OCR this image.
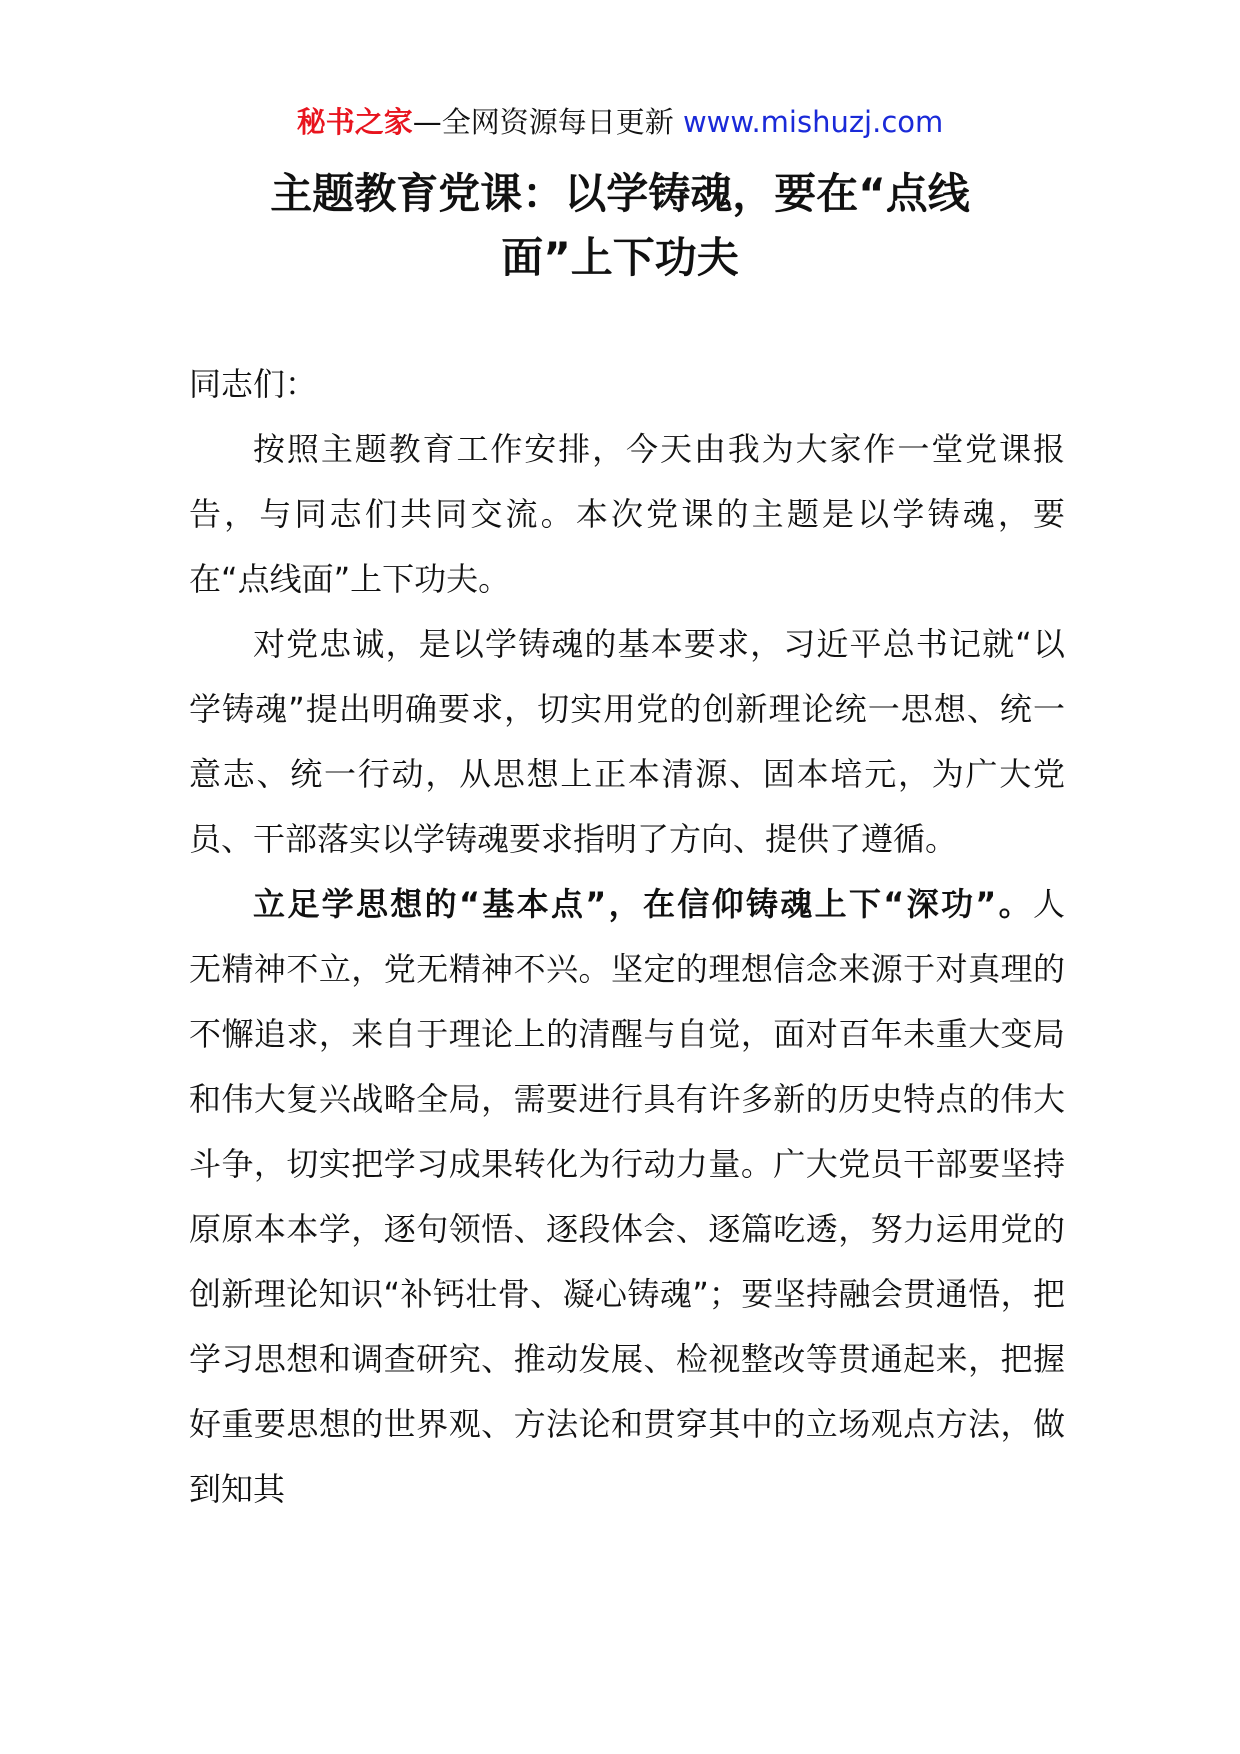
秘书之家—全网资源每日更新 www.mishuzj.com
主题教育党课：以学铸魂，要在“点线
面”上下功夫

同志们：

按照主题教育工作安排，今天由我为大家作一堂党课报告，与同志们共同交流。本次党课的主题是以学铸魂，要在“点线面”上下功夫。

对党忠诚，是以学铸魂的基本要求，习近平总书记就“以学铸魂”提出明确要求，切实用党的创新理论统一思想、统一意志、统一行动，从思想上正本清源、固本培元，为广大党员、干部落实以学铸魂要求指明了方向、提供了遵循。

立足学思想的“基本点”，在信仰铸魂上下“深功”。人无精神不立，党无精神不兴。坚定的理想信念来源于对真理的不懈追求，来自于理论上的清醒与自觉，面对百年未重大变局和伟大复兴战略全局，需要进行具有许多新的历史特点的伟大斗争，切实把学习成果转化为行动力量。广大党员干部要坚持原原本本学，逐句领悟、逐段体会、逐篇吃透，努力运用党的创新理论知识“补钙壮骨、凝心铸魂”；要坚持融会贯通悟，把学习思想和调查研究、推动发展、检视整改等贯通起来，把握好重要思想的世界观、方法论和贯穿其中的立场观点方法，做到知其
